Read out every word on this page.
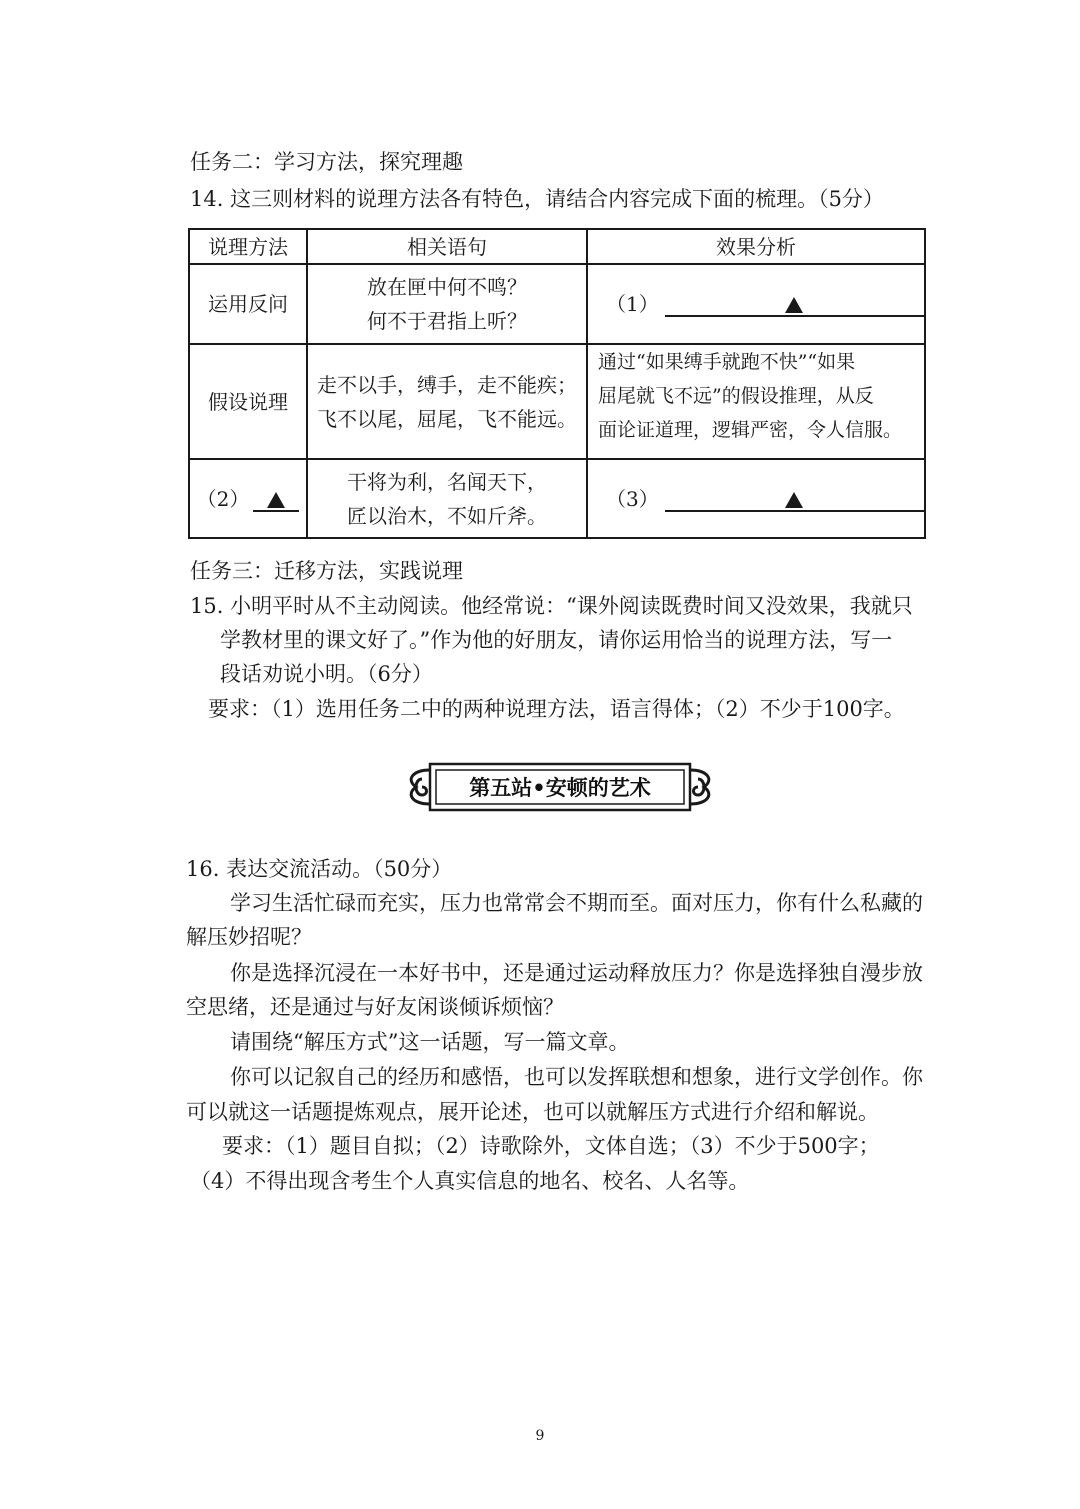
任务二：学习方法，探究理趣
14. 这三则材料的说理方法各有特色，请结合内容完成下面的梳理。（5分）
说理方法	相关语句	效果分析
运用反问
放在匣中何不鸣？
何不于君指上听？
（1）
假设说理
走不以手，缚手，走不能疾；
飞不以尾，屈尾，飞不能远。
通过“如果缚手就跑不快”“如果
屈尾就飞不远”的假设推理，从反
面论证道理，逻辑严密，令人信服。
（2）
干将为利，名闻天下，
匠以治木，不如斤斧。
（3）
任务三：迁移方法，实践说理
15. 小明平时从不主动阅读。他经常说：“课外阅读既费时间又没效果，我就只
学教材里的课文好了。”作为他的好朋友，请你运用恰当的说理方法，写一
段话劝说小明。（6分）
要求：（1）选用任务二中的两种说理方法，语言得体；（2）不少于100字。
第五站•安顿的艺术
16. 表达交流活动。（50分）
学习生活忙碌而充实，压力也常常会不期而至。面对压力，你有什么私藏的
解压妙招呢？
你是选择沉浸在一本好书中，还是通过运动释放压力？你是选择独自漫步放
空思绪，还是通过与好友闲谈倾诉烦恼？
请围绕“解压方式”这一话题，写一篇文章。
你可以记叙自己的经历和感悟，也可以发挥联想和想象，进行文学创作。你
可以就这一话题提炼观点，展开论述，也可以就解压方式进行介绍和解说。
要求：（1）题目自拟；（2）诗歌除外，文体自选；（3）不少于500字；
（4）不得出现含考生个人真实信息的地名、校名、人名等。
9
